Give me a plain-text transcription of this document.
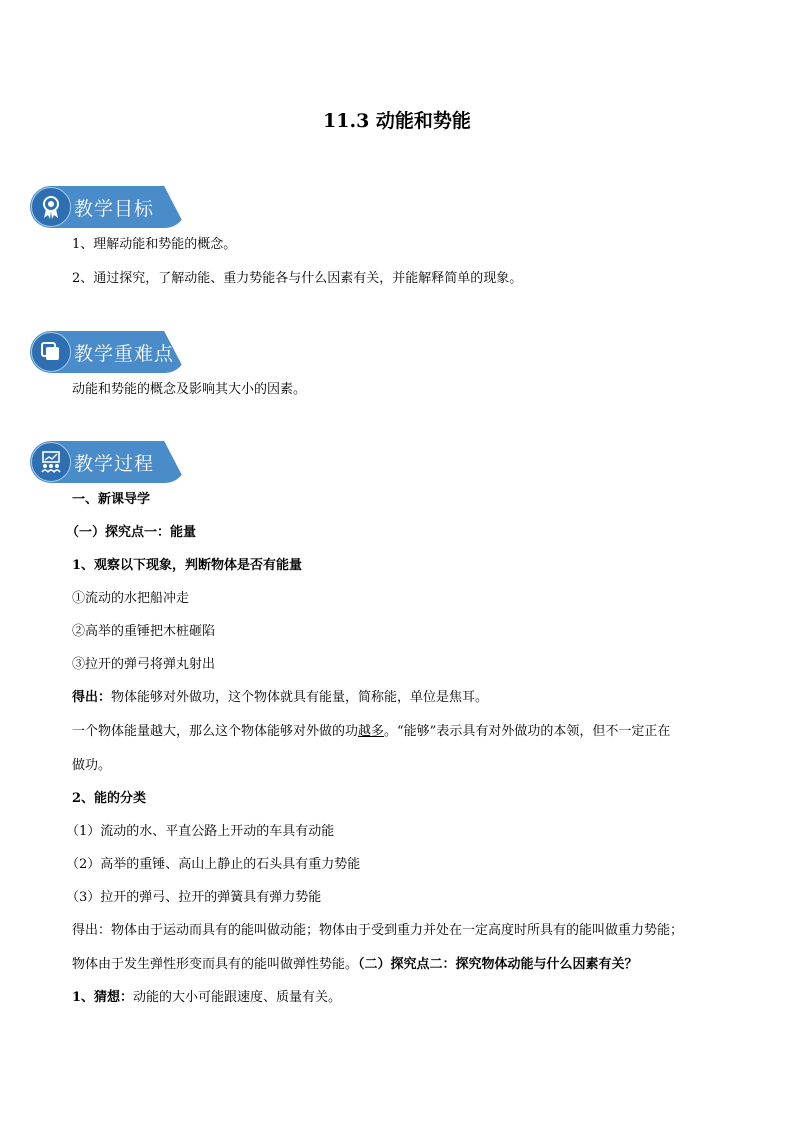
11.3 动能和势能
教学目标
1、理解动能和势能的概念。
2、通过探究，了解动能、重力势能各与什么因素有关，并能解释简单的现象。
教学重难点
动能和势能的概念及影响其大小的因素。
教学过程
一、新课导学
（一）探究点一：能量
1、观察以下现象，判断物体是否有能量
①流动的水把船冲走
②高举的重锤把木桩砸陷
③拉开的弹弓将弹丸射出
得出：物体能够对外做功，这个物体就具有能量，简称能，单位是焦耳。
一个物体能量越大，那么这个物体能够对外做的功越多。“能够”表示具有对外做功的本领，但不一定正在
做功。
2、能的分类
（1）流动的水、平直公路上开动的车具有动能
（2）高举的重锤、高山上静止的石头具有重力势能
（3）拉开的弹弓、拉开的弹簧具有弹力势能
得出：物体由于运动而具有的能叫做动能；物体由于受到重力并处在一定高度时所具有的能叫做重力势能；
物体由于发生弹性形变而具有的能叫做弹性势能。（二）探究点二：探究物体动能与什么因素有关？
1、猜想：动能的大小可能跟速度、质量有关。
